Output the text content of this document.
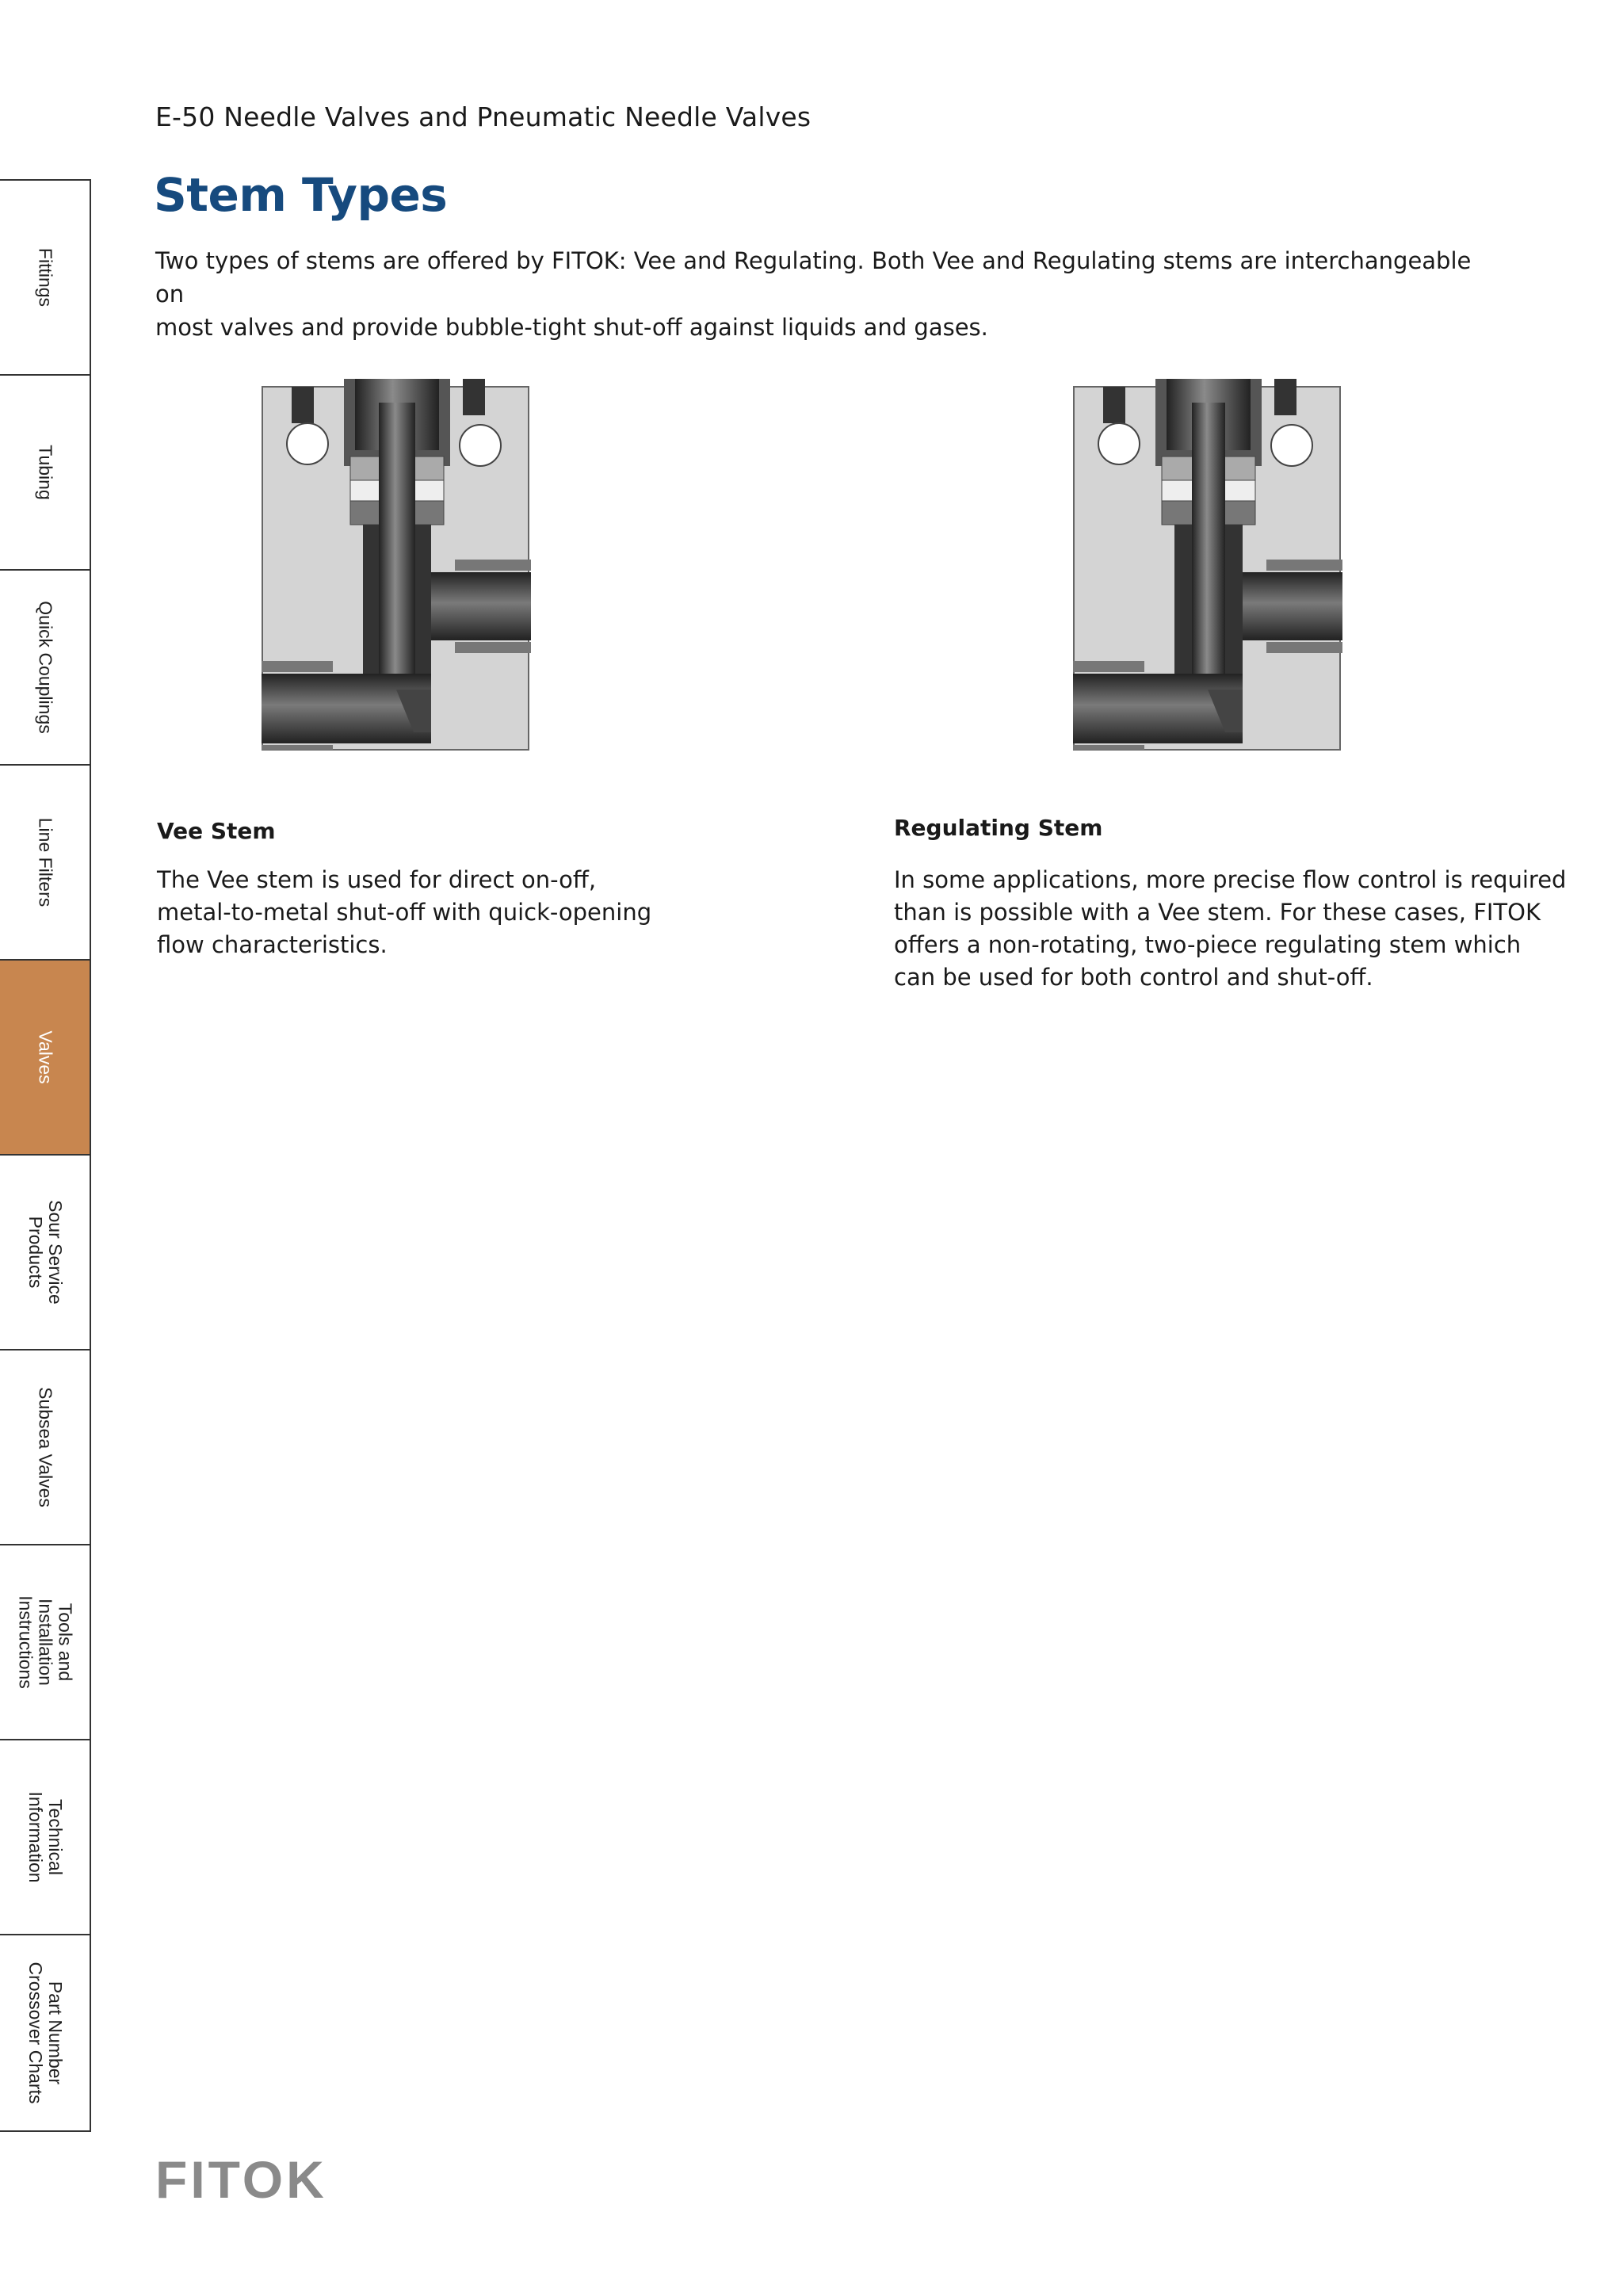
E-50 Needle Valves and Pneumatic Needle Valves
Stem Types

Two types of stems are offered by FITOK: Vee and Regulating. Both Vee and Regulating stems are interchangeable on
most valves and provide bubble-tight shut-off against liquids and gases.

Vee Stem

The Vee stem is used for direct on-off,
metal-to-metal shut-off with quick-opening
flow characteristics.

Regulating Stem

In some applications, more precise flow control is required
than is possible with a Vee stem. For these cases, FITOK
offers a non-rotating, two-piece regulating stem which
can be used for both control and shut-off.

Fittings
Tubing
Quick Couplings
Line Filters
Valves
Sour Service
Products
Subsea Valves
Tools and
Installation
Instructions
Technical
Information
Part Number
Crossover Charts
FITOK
